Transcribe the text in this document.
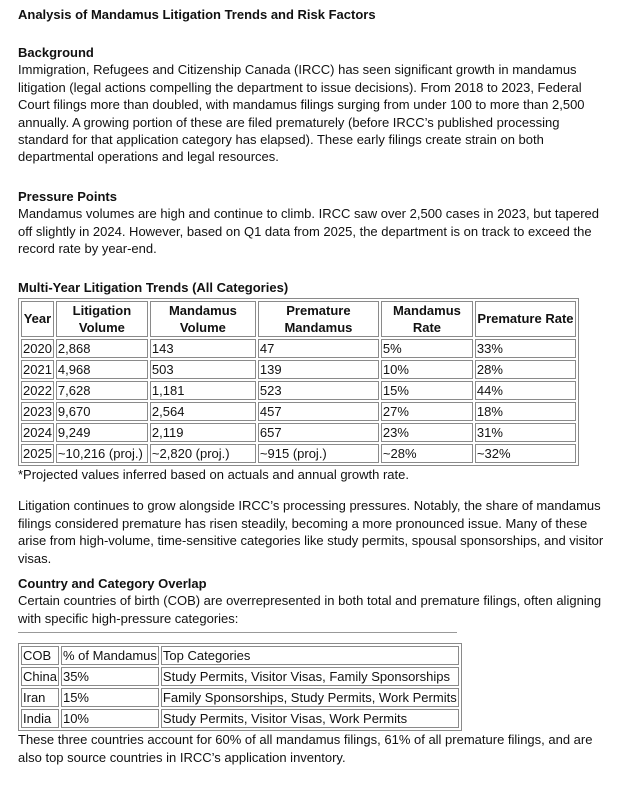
Analysis of Mandamus Litigation Trends and Risk Factors
Background

Immigration, Refugees and Citizenship Canada (IRCC) has seen significant growth in mandamus litigation (legal actions compelling the department to issue decisions). From 2018 to 2023, Federal Court filings more than doubled, with mandamus filings surging from under 100 to more than 2,500 annually. A growing portion of these are filed prematurely (before IRCC’s published processing standard for that application category has elapsed). These early filings create strain on both departmental operations and legal resources.

Pressure Points

Mandamus volumes are high and continue to climb. IRCC saw over 2,500 cases in 2023, but tapered off slightly in 2024. However, based on Q1 data from 2025, the department is on track to exceed the record rate by year-end.

Multi-Year Litigation Trends (All Categories)
Year	Litigation Volume	Mandamus Volume	Premature Mandamus	Mandamus Rate	Premature Rate
2020	2,868	143	47	5%	33%
2021	4,968	503	139	10%	28%
2022	7,628	1,181	523	15%	44%
2023	9,670	2,564	457	27%	18%
2024	9,249	2,119	657	23%	31%
2025	~10,216 (proj.)	~2,820 (proj.)	~915 (proj.)	~28%	~32%

*Projected values inferred based on actuals and annual growth rate.

Litigation continues to grow alongside IRCC’s processing pressures. Notably, the share of mandamus filings considered premature has risen steadily, becoming a more pronounced issue. Many of these arise from high-volume, time-sensitive categories like study permits, spousal sponsorships, and visitor visas.

Country and Category Overlap

Certain countries of birth (COB) are overrepresented in both total and premature filings, often aligning with specific high-pressure categories:

COB	% of Mandamus	Top Categories
China	35%	Study Permits, Visitor Visas, Family Sponsorships
Iran	15%	Family Sponsorships, Study Permits, Work Permits
India	10%	Study Permits, Visitor Visas, Work Permits

These three countries account for 60% of all mandamus filings, 61% of all premature filings, and are also top source countries in IRCC’s application inventory.
